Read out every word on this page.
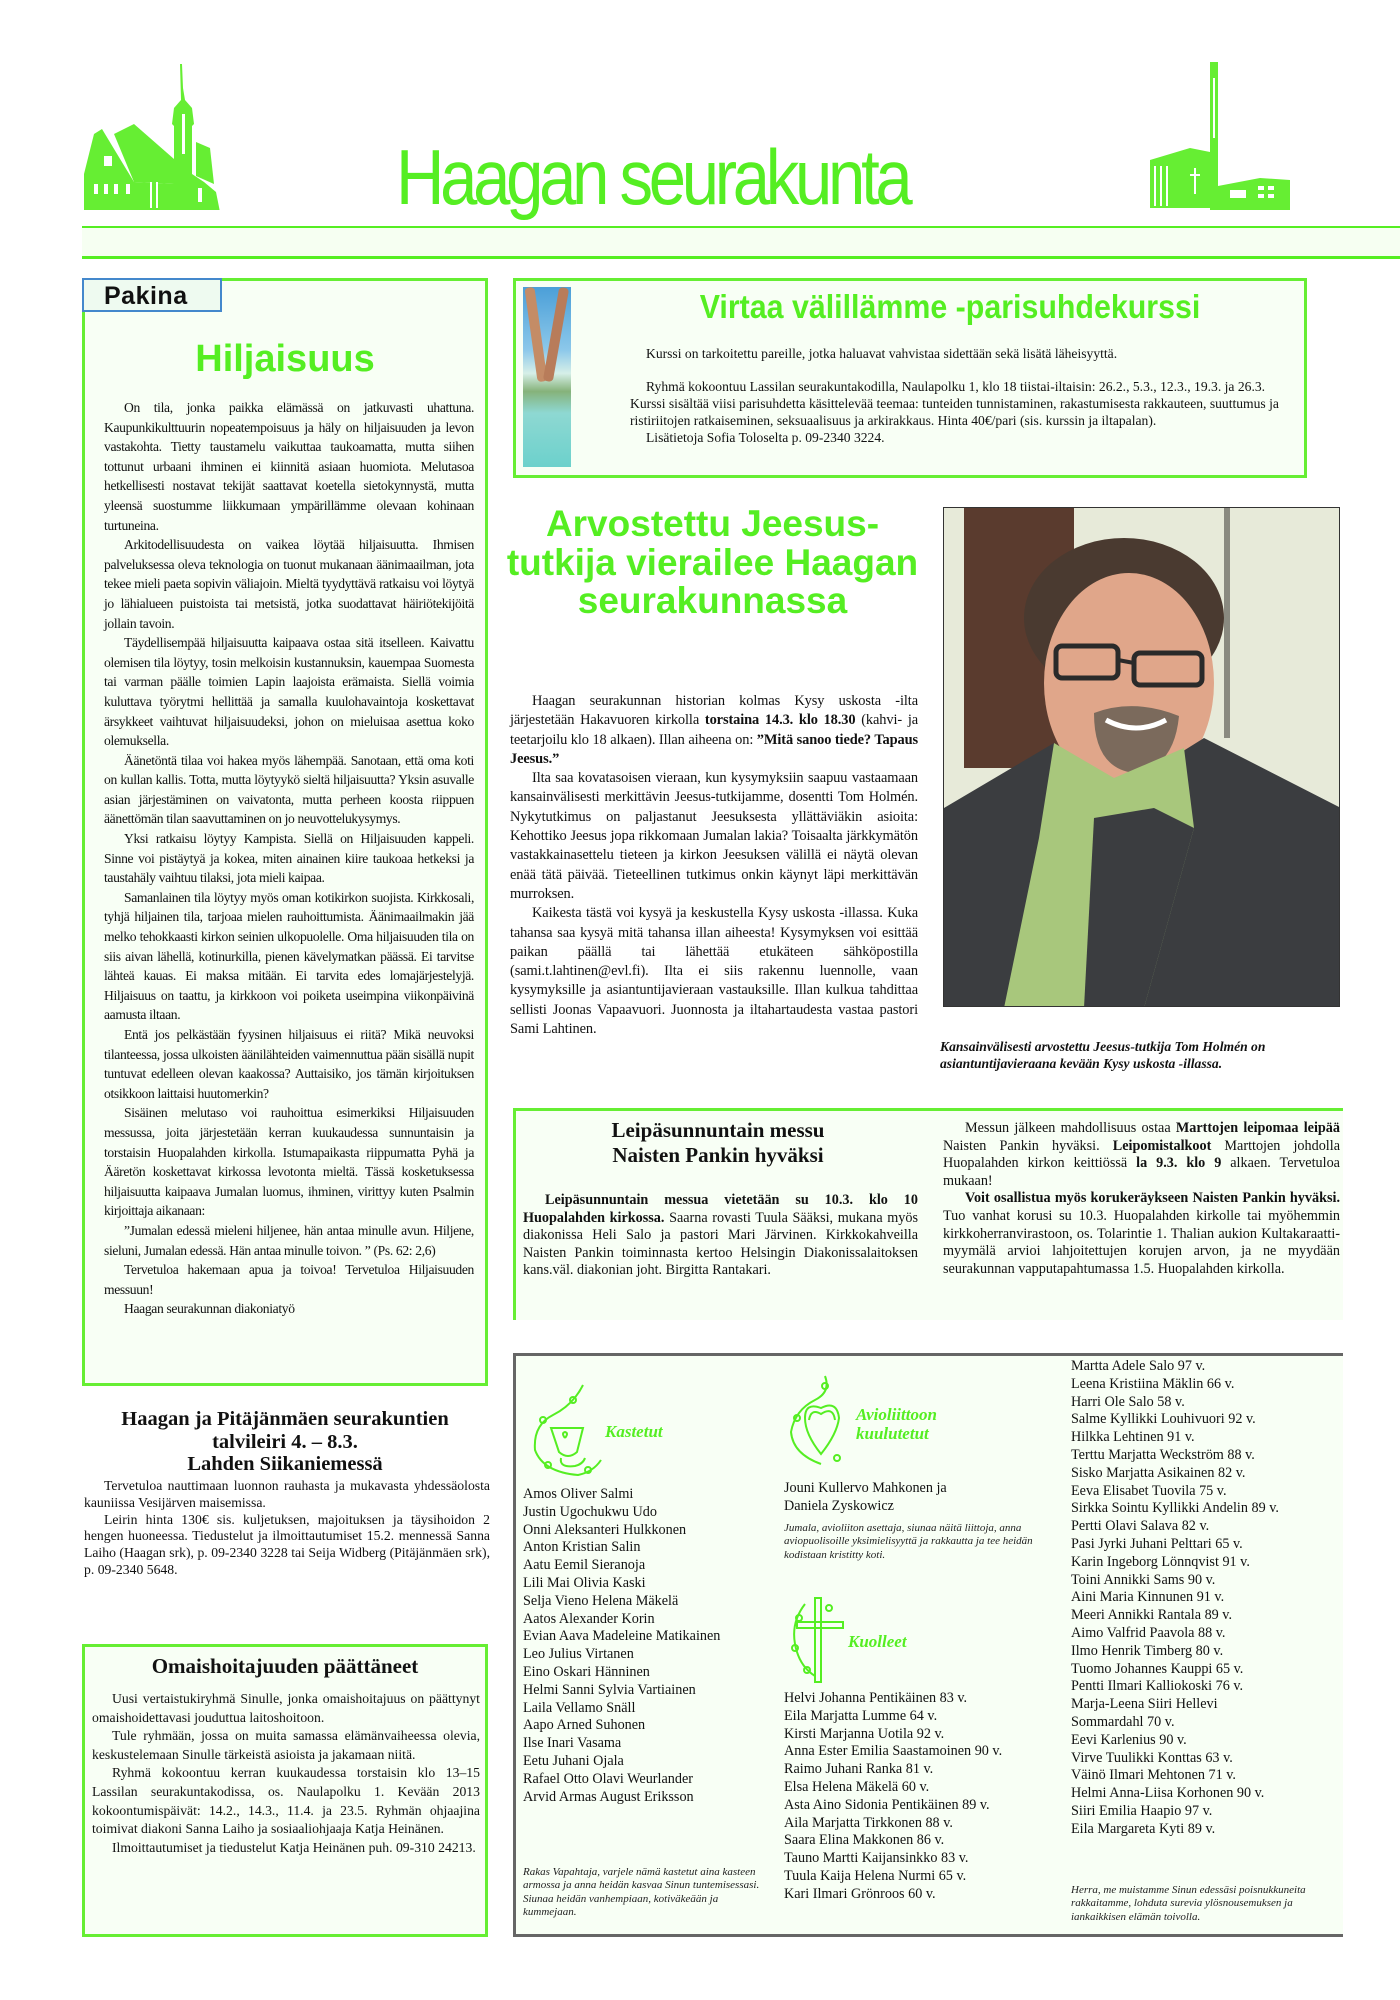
Haagan seurakunta
Pakina
Hiljaisuus

On tila, jonka paikka elämässä on jatkuvasti uhattuna. Kaupunkikulttuurin nopeatempoisuus ja häly on hiljaisuuden ja levon vastakohta. Tietty taustamelu vaikuttaa taukoamatta, mutta siihen tottunut urbaani ihminen ei kiinnitä asiaan huomiota. Melutasoa hetkellisesti nostavat tekijät saattavat koetella sietokynnystä, mutta yleensä suostumme liikkumaan ympärillämme olevaan kohinaan turtuneina.

Arkitodellisuudesta on vaikea löytää hiljaisuutta. Ihmisen palveluksessa oleva teknologia on tuonut mukanaan äänimaailman, jota tekee mieli paeta sopivin väliajoin. Mieltä tyydyttävä ratkaisu voi löytyä jo lähialueen puistoista tai metsistä, jotka suodattavat häiriötekijöitä jollain tavoin.

Täydellisempää hiljaisuutta kaipaava ostaa sitä itselleen. Kaivattu olemisen tila löytyy, tosin melkoisin kustannuksin, kauempaa Suomesta tai varman päälle toimien Lapin laajoista erämaista. Siellä voimia kuluttava työrytmi hellittää ja samalla kuulohavaintoja koskettavat ärsykkeet vaihtuvat hiljaisuudeksi, johon on mieluisaa asettua koko olemuksella.

Äänetöntä tilaa voi hakea myös lähempää. Sanotaan, että oma koti on kullan kallis. Totta, mutta löytyykö sieltä hiljaisuutta? Yksin asuvalle asian järjestäminen on vaivatonta, mutta perheen koosta riippuen äänettömän tilan saavuttaminen on jo neuvottelukysymys.

Yksi ratkaisu löytyy Kampista. Siellä on Hiljaisuuden kappeli. Sinne voi pistäytyä ja kokea, miten ainainen kiire taukoaa hetkeksi ja taustahäly vaihtuu tilaksi, jota mieli kaipaa.

Samanlainen tila löytyy myös oman kotikirkon suojista. Kirkkosali, tyhjä hiljainen tila, tarjoaa mielen rauhoittumista. Äänimaailmakin jää melko tehokkaasti kirkon seinien ulkopuolelle. Oma hiljaisuuden tila on siis aivan lähellä, kotinurkilla, pienen kävelymatkan päässä. Ei tarvitse lähteä kauas. Ei maksa mitään. Ei tarvita edes lomajärjestelyjä. Hiljaisuus on taattu, ja kirkkoon voi poiketa useimpina viikonpäivinä aamusta iltaan.

Entä jos pelkästään fyysinen hiljaisuus ei riitä? Mikä neuvoksi tilanteessa, jossa ulkoisten äänilähteiden vaimennuttua pään sisällä nupit tuntuvat edelleen olevan kaakossa? Auttaisiko, jos tämän kirjoituksen otsikkoon laittaisi huutomerkin?

Sisäinen melutaso voi rauhoittua esimerkiksi Hiljaisuuden messussa, joita järjestetään kerran kuukaudessa sunnuntaisin ja torstaisin Huopalahden kirkolla. Istumapaikasta riippumatta Pyhä ja Ääretön koskettavat kirkossa levotonta mieltä. Tässä kosketuksessa hiljaisuutta kaipaava Jumalan luomus, ihminen, virittyy kuten Psalmin kirjoittaja aikanaan:

”Jumalan edessä mieleni hiljenee, hän antaa minulle avun. Hiljene, sieluni, Jumalan edessä. Hän antaa minulle toivon. ” (Ps. 62: 2,6)

Tervetuloa hakemaan apua ja toivoa! Tervetuloa Hiljaisuuden messuun!

Haagan seurakunnan diakoniatyö

Virtaa välillämme -parisuhdekurssi

Kurssi on tarkoitettu pareille, jotka haluavat vahvistaa sidettään sekä lisätä läheisyyttä.

Ryhmä kokoontuu Lassilan seurakuntakodilla, Naulapolku 1, klo 18 tiistai-iltaisin: 26.2., 5.3., 12.3., 19.3. ja 26.3. Kurssi sisältää viisi parisuhdetta käsittelevää teemaa: tunteiden tunnistaminen, rakastumisesta rakkauteen, suuttumus ja ristiriitojen ratkaiseminen, seksuaalisuus ja arkirakkaus. Hinta 40€/pari (sis. kurssin ja iltapalan).

Lisätietoja Sofia Toloselta p. 09-2340 3224.

Arvostettu Jeesus-tutkija vierailee Haagan seurakunnassa

Haagan seurakunnan historian kolmas Kysy uskosta -ilta järjestetään Hakavuoren kirkolla torstaina 14.3. klo 18.30 (kahvi- ja teetarjoilu klo 18 alkaen). Illan aiheena on: ”Mitä sanoo tiede? Tapaus Jeesus.”

Ilta saa kovatasoisen vieraan, kun kysymyksiin saapuu vastaamaan kansainvälisesti merkittävin Jeesus-tutkijamme, dosentti Tom Holmén. Nykytutkimus on paljastanut Jeesuksesta yllättäviäkin asioita: Kehottiko Jeesus jopa rikkomaan Jumalan lakia? Toisaalta järkkymätön vastakkainasettelu tieteen ja kirkon Jeesuksen välillä ei näytä olevan enää tätä päivää. Tieteellinen tutkimus onkin käynyt läpi merkittävän murroksen.

Kaikesta tästä voi kysyä ja keskustella Kysy uskosta -illassa. Kuka tahansa saa kysyä mitä tahansa illan aiheesta! Kysymyksen voi esittää paikan päällä tai lähettää etukäteen sähköpostilla (sami.t.lahtinen@evl.fi). Ilta ei siis rakennu luennolle, vaan kysymyksille ja asiantuntijavieraan vastauksille. Illan kulkua tahdittaa sellisti Joonas Vapaavuori. Juonnosta ja iltahartaudesta vastaa pastori Sami Lahtinen.

Kansainvälisesti arvostettu Jeesus-tutkija Tom Holmén on asiantuntijavieraana kevään Kysy uskosta -illassa.
Leipäsunnuntain messu
Naisten Pankin hyväksi

Leipäsunnuntain messua vietetään su 10.3. klo 10 Huopalahden kirkossa. Saarna rovasti Tuula Sääksi, mukana myös diakonissa Heli Salo ja pastori Mari Järvinen. Kirkkokahveilla Naisten Pankin toiminnasta kertoo Helsingin Diakonissalaitoksen kans.väl. diakonian joht. Birgitta Rantakari.

Messun jälkeen mahdollisuus ostaa Marttojen leipomaa leipää Naisten Pankin hyväksi. Leipomistalkoot Marttojen johdolla Huopalahden kirkon keittiössä la 9.3. klo 9 alkaen. Tervetuloa mukaan!

Voit osallistua myös korukeräykseen Naisten Pankin hyväksi. Tuo vanhat korusi su 10.3. Huopalahden kirkolle tai myöhemmin kirkkoherranvirastoon, os. Tolarintie 1. Thalian aukion Kultakaraatti-myymälä arvioi lahjoitettujen korujen arvon, ja ne myydään seurakunnan vapputapahtumassa 1.5. Huopalahden kirkolla.

Haagan ja Pitäjänmäen seurakuntien
talvileiri 4. – 8.3.
Lahden Siikaniemessä

Tervetuloa nauttimaan luonnon rauhasta ja mukavasta yhdessäolosta kauniissa Vesijärven maisemissa.

Leirin hinta 130€ sis. kuljetuksen, majoituksen ja täysihoidon 2 hengen huoneessa. Tiedustelut ja ilmoittautumiset 15.2. mennessä Sanna Laiho (Haagan srk), p. 09-2340 3228 tai Seija Widberg (Pitäjänmäen srk), p. 09-2340 5648.

Omaishoitajuuden päättäneet

Uusi vertaistukiryhmä Sinulle, jonka omaishoitajuus on päättynyt omaishoidettavasi jouduttua laitoshoitoon.

Tule ryhmään, jossa on muita samassa elämänvaiheessa olevia, keskustelemaan Sinulle tärkeistä asioista ja jakamaan niitä.

Ryhmä kokoontuu kerran kuukaudessa torstaisin klo 13–15 Lassilan seurakuntakodissa, os. Naulapolku 1. Kevään 2013 kokoontumispäivät: 14.2., 14.3., 11.4. ja 23.5. Ryhmän ohjaajina toimivat diakoni Sanna Laiho ja sosiaaliohjaaja Katja Heinänen.

Ilmoittautumiset ja tiedustelut Katja Heinänen puh. 09-310 24213.

Kastetut
Amos Oliver Salmi
Justin Ugochukwu Udo
Onni Aleksanteri Hulkkonen
Anton Kristian Salin
Aatu Eemil Sieranoja
Lili Mai Olivia Kaski
Selja Vieno Helena Mäkelä
Aatos Alexander Korin
Evian Aava Madeleine Matikainen
Leo Julius Virtanen
Eino Oskari Hänninen
Helmi Sanni Sylvia Vartiainen
Laila Vellamo Snäll
Aapo Arned Suhonen
Ilse Inari Vasama
Eetu Juhani Ojala
Rafael Otto Olavi Weurlander
Arvid Armas August Eriksson
Rakas Vapahtaja, varjele nämä kastetut aina kasteen armossa ja anna heidän kasvaa Sinun tuntemisessasi. Siunaa heidän vanhempiaan, kotiväkeään ja kummejaan.
Avioliittoon
kuulutetut
Jouni Kullervo Mahkonen ja
Daniela Zyskowicz
Jumala, avioliiton asettaja, siunaa näitä liittoja, anna aviopuolisoille yksimielisyyttä ja rakkautta ja tee heidän kodistaan kristitty koti.
Kuolleet
Helvi Johanna Pentikäinen 83 v.
Eila Marjatta Lumme 64 v.
Kirsti Marjanna Uotila 92 v.
Anna Ester Emilia Saastamoinen 90 v.
Raimo Juhani Ranka 81 v.
Elsa Helena Mäkelä 60 v.
Asta Aino Sidonia Pentikäinen 89 v.
Aila Marjatta Tirkkonen 88 v.
Saara Elina Makkonen 86 v.
Tauno Martti Kaijansinkko 83 v.
Tuula Kaija Helena Nurmi 65 v.
Kari Ilmari Grönroos 60 v.
Martta Adele Salo 97 v.
Leena Kristiina Mäklin 66 v.
Harri Ole Salo 58 v.
Salme Kyllikki Louhivuori 92 v.
Hilkka Lehtinen 91 v.
Terttu Marjatta Weckström 88 v.
Sisko Marjatta Asikainen 82 v.
Eeva Elisabet Tuovila 75 v.
Sirkka Sointu Kyllikki Andelin 89 v.
Pertti Olavi Salava 82 v.
Pasi Jyrki Juhani Pelttari 65 v.
Karin Ingeborg Lönnqvist 91 v.
Toini Annikki Sams 90 v.
Aini Maria Kinnunen 91 v.
Meeri Annikki Rantala 89 v.
Aimo Valfrid Paavola 88 v.
Ilmo Henrik Timberg 80 v.
Tuomo Johannes Kauppi 65 v.
Pentti Ilmari Kalliokoski 76 v.
Marja-Leena Siiri Hellevi
Sommardahl 70 v.
Eevi Karlenius 90 v.
Virve Tuulikki Konttas 63 v.
Väinö Ilmari Mehtonen 71 v.
Helmi Anna-Liisa Korhonen 90 v.
Siiri Emilia Haapio 97 v.
Eila Margareta Kyti 89 v.
Herra, me muistamme Sinun edessäsi poisnukkuneita rakkaitamme, lohduta surevia ylösnousemuksen ja iankaikkisen elämän toivolla.
